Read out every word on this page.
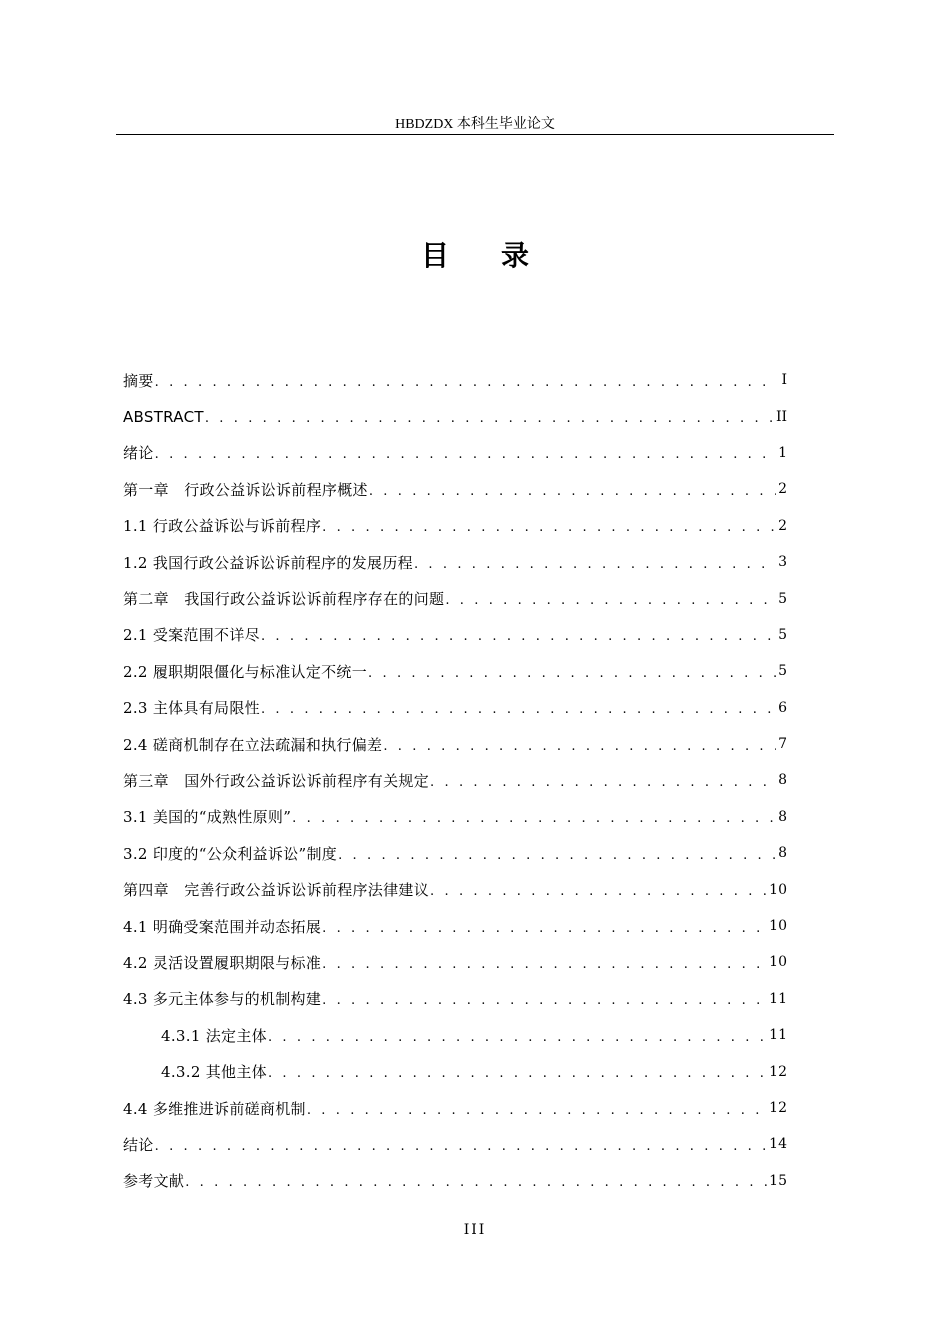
HBDZDX 本科生毕业论文
目录
摘要 . . .	I
ABSTRACT . . .	II
绪论 . . .	1
第一章　行政公益诉讼诉前程序概述 . . .	2
1.1 行政公益诉讼与诉前程序 . . .	2
1.2 我国行政公益诉讼诉前程序的发展历程 . . .	3
第二章　我国行政公益诉讼诉前程序存在的问题 . . .	5
2.1 受案范围不详尽 . . .	5
2.2 履职期限僵化与标准认定不统一 . . .	5
2.3 主体具有局限性 . . .	6
2.4 磋商机制存在立法疏漏和执行偏差 . . .	7
第三章　国外行政公益诉讼诉前程序有关规定 . . .	8
3.1 美国的“成熟性原则” . . .	8
3.2 印度的“公众利益诉讼”制度 . . .	8
第四章　完善行政公益诉讼诉前程序法律建议 . . .	10
4.1 明确受案范围并动态拓展 . . .	10
4.2 灵活设置履职期限与标准 . . .	10
4.3 多元主体参与的机制构建 . . .	11
4.3.1 法定主体 . . .	11
4.3.2 其他主体 . . .	12
4.4 多维推进诉前磋商机制 . . .	12
结论 . . .	14
参考文献 . . .	15
III
